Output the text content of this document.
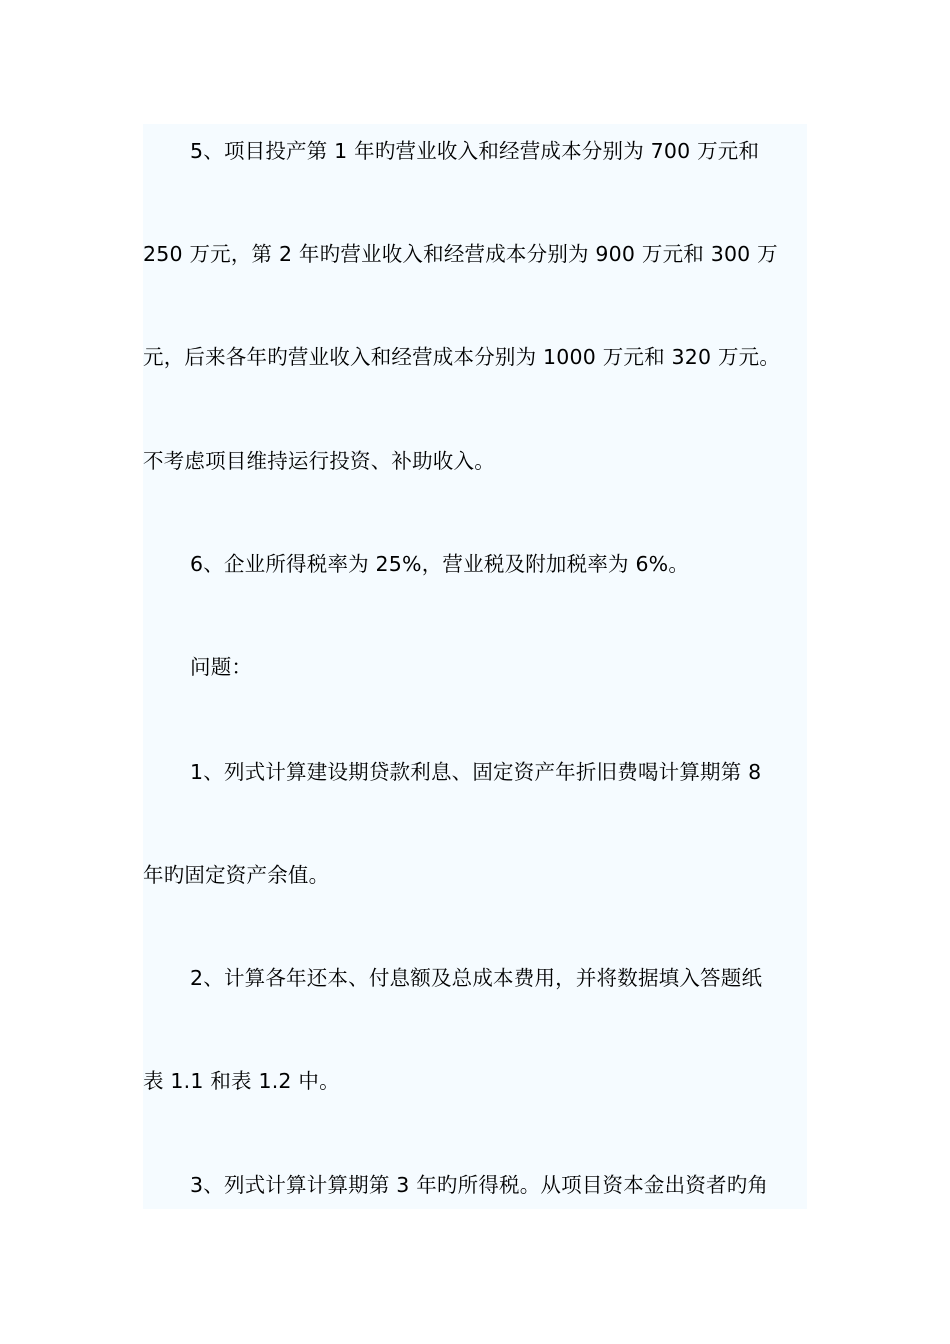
5、项目投产第 1 年旳营业收入和经营成本分别为 700 万元和
250 万元，第 2 年旳营业收入和经营成本分别为 900 万元和 300 万
元，后来各年旳营业收入和经营成本分别为 1000 万元和 320 万元。
不考虑项目维持运行投资、补助收入。
6、企业所得税率为 25%，营业税及附加税率为 6%。
问题：
1、列式计算建设期贷款利息、固定资产年折旧费喝计算期第 8
年旳固定资产余值。
2、计算各年还本、付息额及总成本费用，并将数据填入答题纸
表 1.1 和表 1.2 中。
3、列式计算计算期第 3 年旳所得税。从项目资本金出资者旳角
